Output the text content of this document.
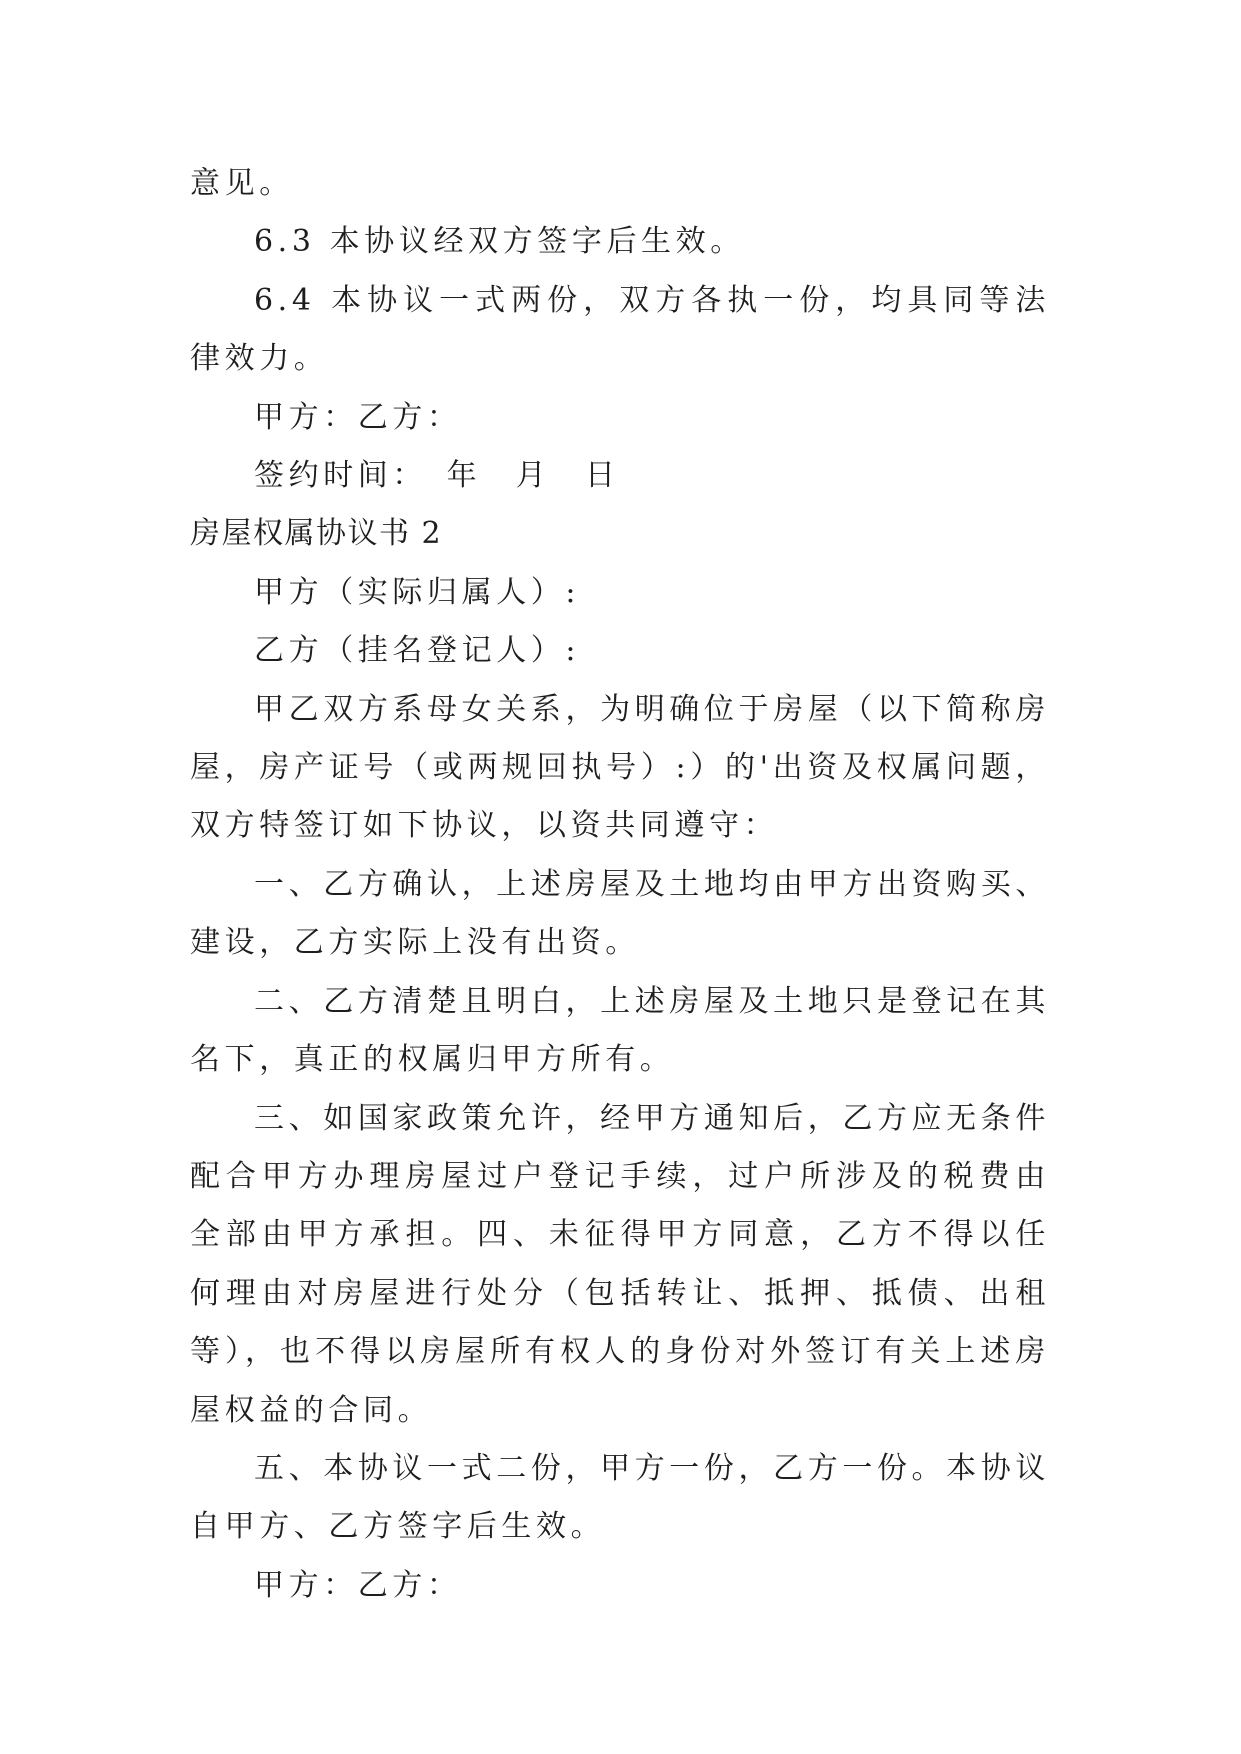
意见。

6.3 本协议经双方签字后生效。

6.4 本协议一式两份，双方各执一份，均具同等法律效力。

甲方：乙方：

签约时间：　年　月　日

房屋权属协议书 2

甲方（实际归属人）:

乙方（挂名登记人）:

甲乙双方系母女关系，为明确位于房屋（以下简称房屋，房产证号（或两规回执号）:）的'出资及权属问题，双方特签订如下协议，以资共同遵守：

一、乙方确认，上述房屋及土地均由甲方出资购买、建设，乙方实际上没有出资。

二、乙方清楚且明白，上述房屋及土地只是登记在其名下，真正的权属归甲方所有。

三、如国家政策允许，经甲方通知后，乙方应无条件配合甲方办理房屋过户登记手续，过户所涉及的税费由全部由甲方承担。四、未征得甲方同意，乙方不得以任何理由对房屋进行处分（包括转让、抵押、抵债、出租等），也不得以房屋所有权人的身份对外签订有关上述房屋权益的合同。

五、本协议一式二份，甲方一份，乙方一份。本协议自甲方、乙方签字后生效。

甲方：乙方：
